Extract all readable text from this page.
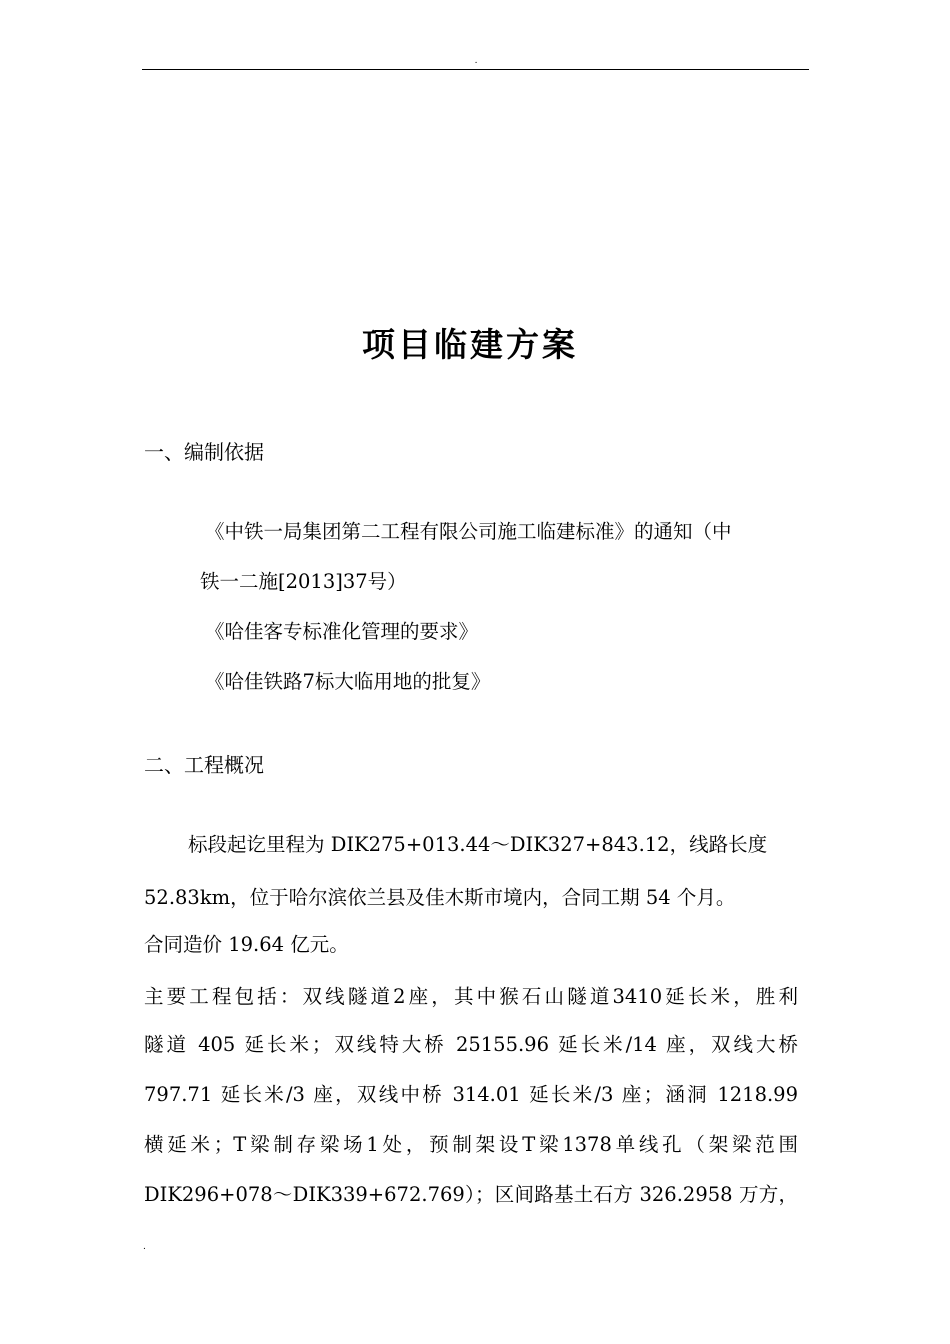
.
项目临建方案
一、编制依据
《中铁一局集团第二工程有限公司施工临建标准》的通知（中
铁一二施[2013]37号）
《哈佳客专标准化管理的要求》
《哈佳铁路7标大临用地的批复》
二、工程概况
标段起讫里程为 DIK275+013.44～DIK327+843.12，线路长度
52.83km，位于哈尔滨依兰县及佳木斯市境内，合同工期 54 个月。
合同造价 19.64 亿元。
主要工程包括：双线隧道2座，其中猴石山隧道3410延长米，胜利
隧道 405 延长米；双线特大桥 25155.96 延长米/14 座，双线大桥
797.71 延长米/3 座，双线中桥 314.01 延长米/3 座；涵洞 1218.99
横延米；T梁制存梁场1处，预制架设T梁1378单线孔（架梁范围
DIK296+078～DIK339+672.769）；区间路基土石方 326.2958 万方，
.
